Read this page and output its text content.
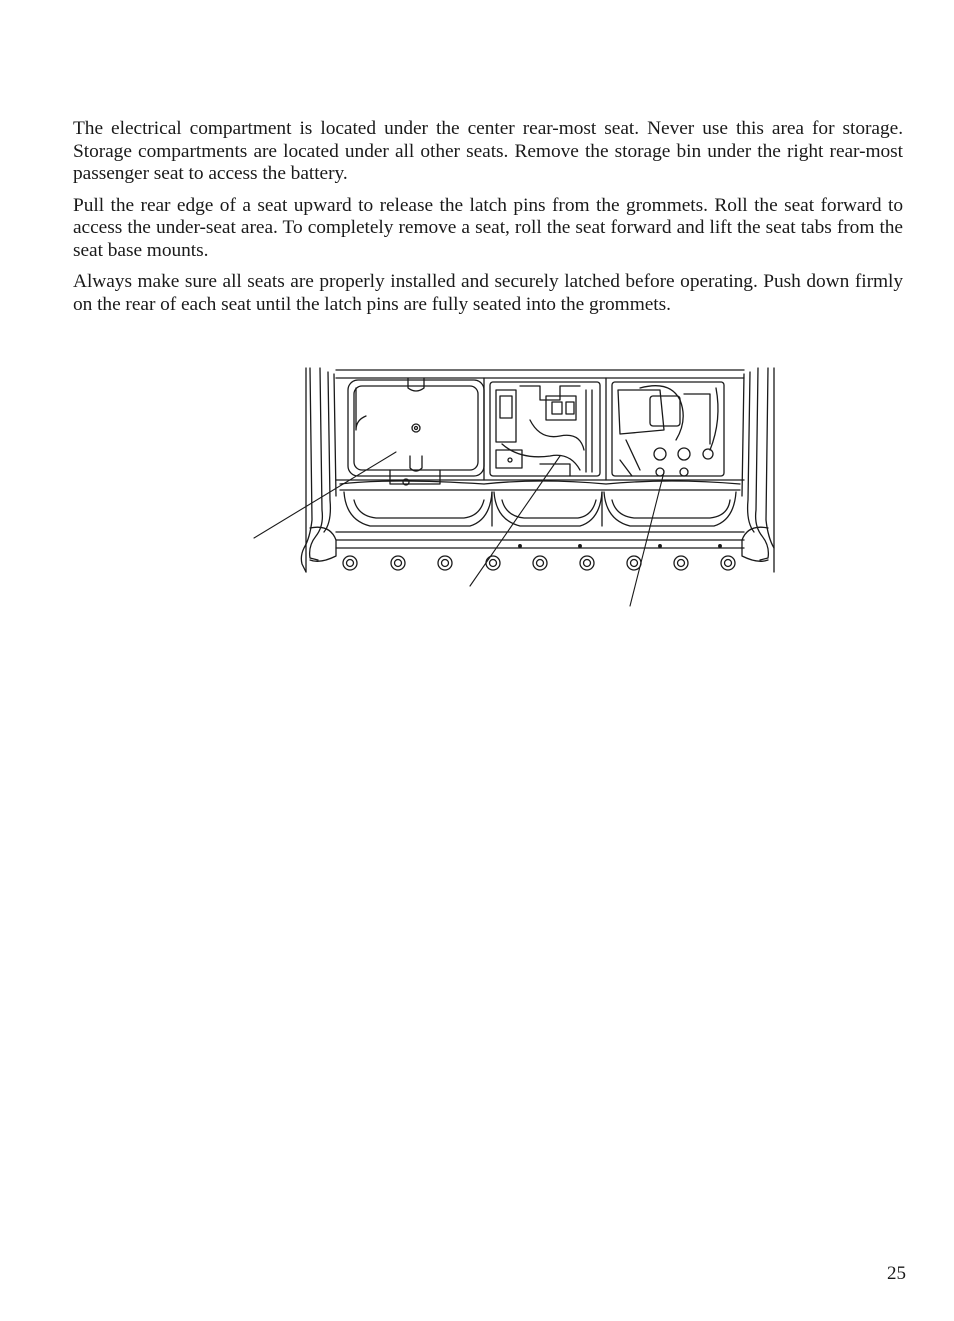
The electrical compartment is located under the center rear-most seat. Never use this area for storage. Storage compartments are located under all other seats. Remove the storage bin under the right rear-most passenger seat to access the battery.

Pull the rear edge of a seat upward to release the latch pins from the grommets. Roll the seat forward to access the under-seat area. To completely remove a seat, roll the seat forward and lift the seat tabs from the seat base mounts.

Always make sure all seats are properly installed and securely latched before operating. Push down firmly on the rear of each seat until the latch pins are fully seated into the grommets.

25
